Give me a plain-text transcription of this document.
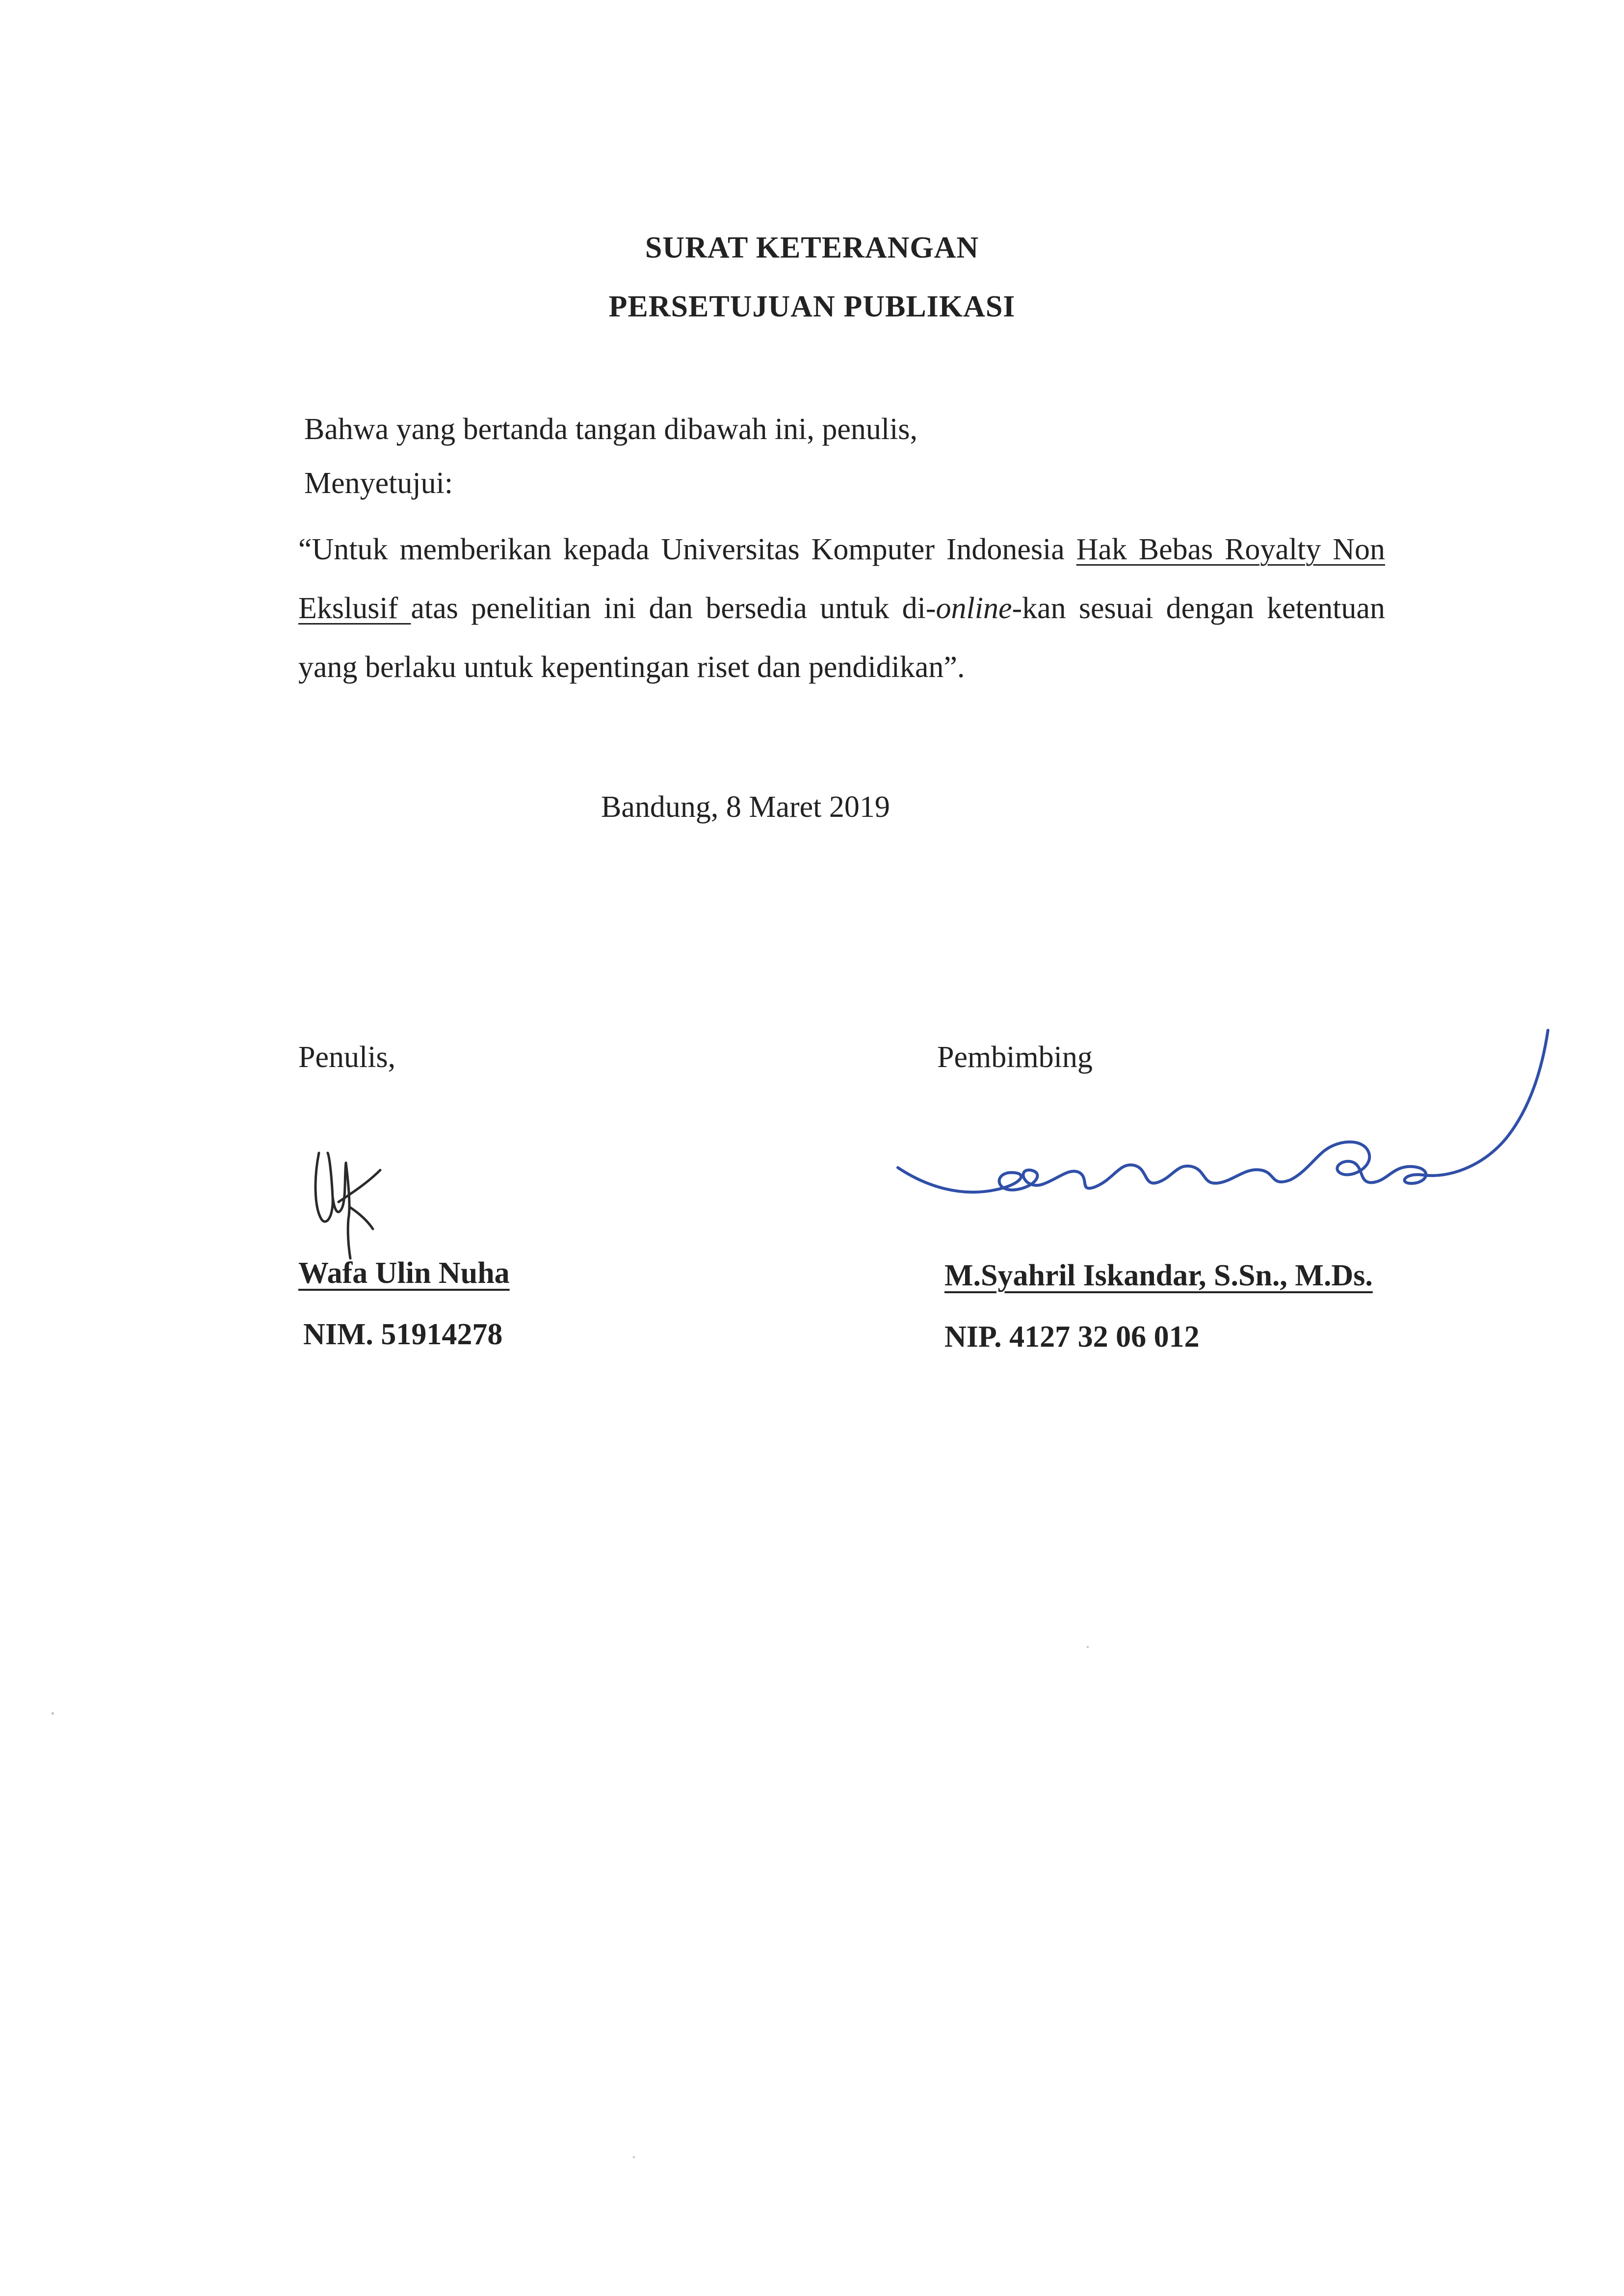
SURAT KETERANGAN
PERSETUJUAN PUBLIKASI
Bahwa yang bertanda tangan dibawah ini, penulis,
Menyetujui:
“Untuk memberikan kepada Universitas Komputer Indonesia Hak Bebas Royalty Non Ekslusif atas penelitian ini dan bersedia untuk di-online-kan sesuai dengan ketentuan yang berlaku untuk kepentingan riset dan pendidikan”.
Bandung, 8 Maret 2019
Penulis,	Pembimbing
Wafa Ulin Nuha	M.Syahril Iskandar, S.Sn., M.Ds.
NIM. 51914278	NIP. 4127 32 06 012
